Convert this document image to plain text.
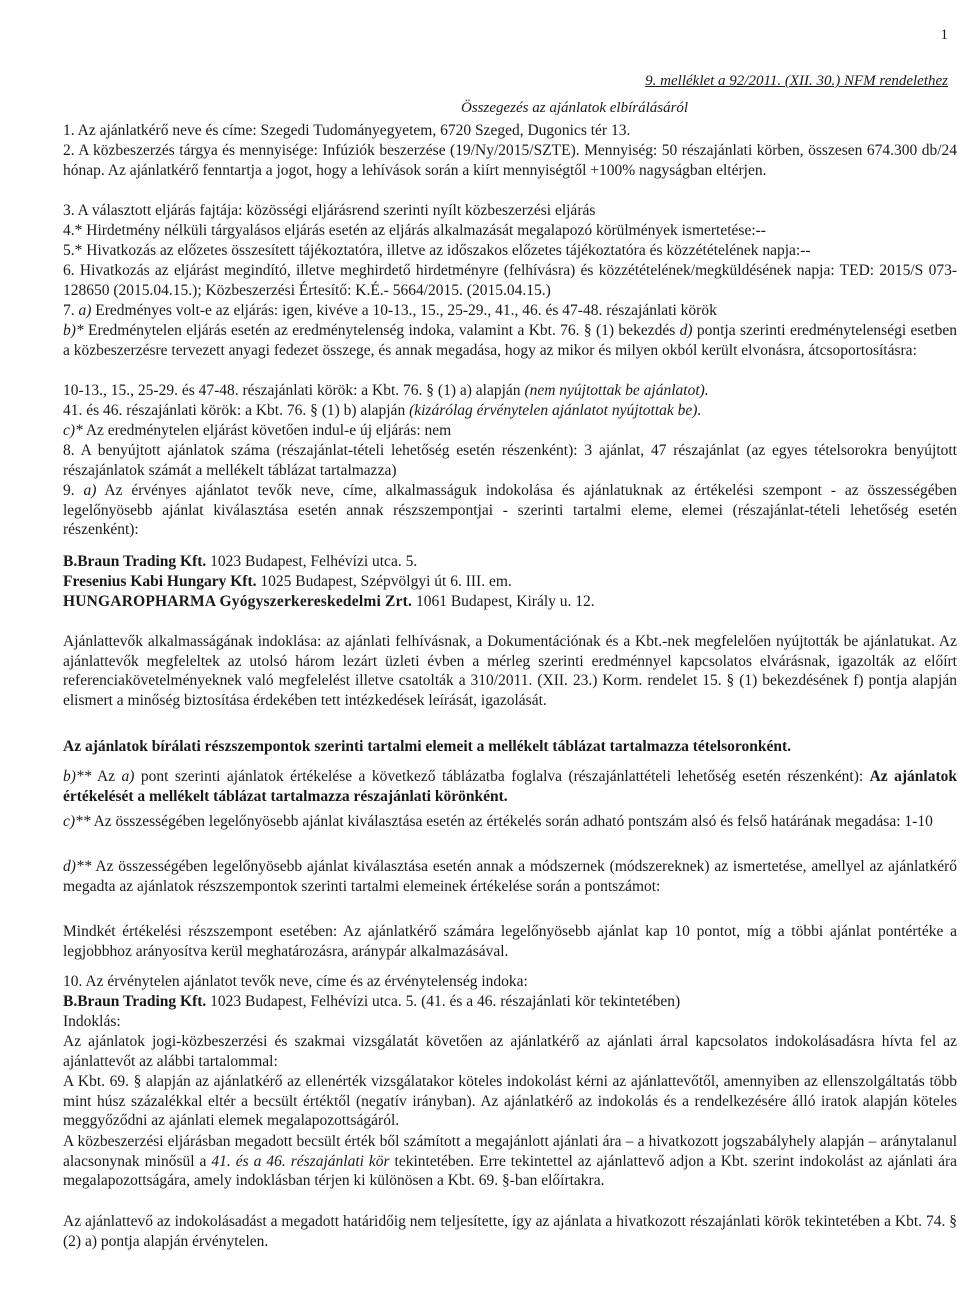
1
9. melléklet a 92/2011. (XII. 30.) NFM rendelethez
Összegezés az ajánlatok elbírálásáról

1. Az ajánlatkérő neve és címe: Szegedi Tudományegyetem, 6720 Szeged, Dugonics tér 13.

2. A közbeszerzés tárgya és mennyisége: Infúziók beszerzése (19/Ny/2015/SZTE). Mennyiség: 50 részajánlati körben, összesen 674.300 db/24 hónap. Az ajánlatkérő fenntartja a jogot, hogy a lehívások során a kiírt mennyiségtől +100% nagyságban eltérjen.

3. A választott eljárás fajtája: közösségi eljárásrend szerinti nyílt közbeszerzési eljárás

4.* Hirdetmény nélküli tárgyalásos eljárás esetén az eljárás alkalmazását megalapozó körülmények ismertetése:--

5.* Hivatkozás az előzetes összesített tájékoztatóra, illetve az időszakos előzetes tájékoztatóra és közzétételének napja:--

6. Hivatkozás az eljárást megindító, illetve meghirdető hirdetményre (felhívásra) és közzétételének/megküldésének napja: TED: 2015/S 073-128650 (2015.04.15.); Közbeszerzési Értesítő: K.É.- 5664/2015. (2015.04.15.)

7. a) Eredményes volt-e az eljárás: igen, kivéve a 10-13., 15., 25-29., 41., 46. és 47-48. részajánlati körök

b)* Eredménytelen eljárás esetén az eredménytelenség indoka, valamint a Kbt. 76. § (1) bekezdés d) pontja szerinti eredménytelenségi esetben a közbeszerzésre tervezett anyagi fedezet összege, és annak megadása, hogy az mikor és milyen okból került elvonásra, átcsoportosításra:

10-13., 15., 25-29. és 47-48. részajánlati körök: a Kbt. 76. § (1) a) alapján (nem nyújtottak be ajánlatot).

41. és 46. részajánlati körök: a Kbt. 76. § (1) b) alapján (kizárólag érvénytelen ajánlatot nyújtottak be).

c)* Az eredménytelen eljárást követően indul-e új eljárás: nem

8. A benyújtott ajánlatok száma (részajánlat-tételi lehetőség esetén részenként): 3 ajánlat, 47 részajánlat (az egyes tételsorokra benyújtott részajánlatok számát a mellékelt táblázat tartalmazza)

9. a) Az érvényes ajánlatot tevők neve, címe, alkalmasságuk indokolása és ajánlatuknak az értékelési szempont - az összességében legelőnyösebb ajánlat kiválasztása esetén annak részszempontjai - szerinti tartalmi eleme, elemei (részajánlat-tételi lehetőség esetén részenként):

B.Braun Trading Kft. 1023 Budapest, Felhévízi utca. 5.

Fresenius Kabi Hungary Kft. 1025 Budapest, Szépvölgyi út 6. III. em.

HUNGAROPHARMA Gyógyszerkereskedelmi Zrt. 1061 Budapest, Király u. 12.

Ajánlattevők alkalmasságának indoklása: az ajánlati felhívásnak, a Dokumentációnak és a Kbt.-nek megfelelően nyújtották be ajánlatukat. Az ajánlattevők megfeleltek az utolsó három lezárt üzleti évben a mérleg szerinti eredménnyel kapcsolatos elvárásnak, igazolták az előírt referenciakövetelményeknek való megfelelést illetve csatolták a 310/2011. (XII. 23.) Korm. rendelet 15. § (1) bekezdésének f) pontja alapján elismert a minőség biztosítása érdekében tett intézkedések leírását, igazolását.

Az ajánlatok bírálati részszempontok szerinti tartalmi elemeit a mellékelt táblázat tartalmazza tételsoronként.

b)** Az a) pont szerinti ajánlatok értékelése a következő táblázatba foglalva (részajánlattételi lehetőség esetén részenként): Az ajánlatok értékelését a mellékelt táblázat tartalmazza részajánlati körönként.

c)** Az összességében legelőnyösebb ajánlat kiválasztása esetén az értékelés során adható pontszám alsó és felső határának megadása: 1-10

d)** Az összességében legelőnyösebb ajánlat kiválasztása esetén annak a módszernek (módszereknek) az ismertetése, amellyel az ajánlatkérő megadta az ajánlatok részszempontok szerinti tartalmi elemeinek értékelése során a pontszámot:

Mindkét értékelési részszempont esetében: Az ajánlatkérő számára legelőnyösebb ajánlat kap 10 pontot, míg a többi ajánlat pontértéke a legjobbhoz arányosítva kerül meghatározásra, aránypár alkalmazásával.

10. Az érvénytelen ajánlatot tevők neve, címe és az érvénytelenség indoka:

B.Braun Trading Kft. 1023 Budapest, Felhévízi utca. 5. (41. és a 46. részajánlati kör tekintetében)

Indoklás:

Az ajánlatok jogi-közbeszerzési és szakmai vizsgálatát követően az ajánlatkérő az ajánlati árral kapcsolatos indokolásadásra hívta fel az ajánlattevőt az alábbi tartalommal:

A Kbt. 69. § alapján az ajánlatkérő az ellenérték vizsgálatakor köteles indokolást kérni az ajánlattevőtől, amennyiben az ellenszolgáltatás több mint húsz százalékkal eltér a becsült értéktől (negatív irányban). Az ajánlatkérő az indokolás és a rendelkezésére álló iratok alapján köteles meggyőződni az ajánlati elemek megalapozottságáról.

A közbeszerzési eljárásban megadott becsült érték ből számított a megajánlott ajánlati ára – a hivatkozott jogszabályhely alapján – aránytalanul alacsonynak minősül a 41. és a 46. részajánlati kör tekintetében. Erre tekintettel az ajánlattevő adjon a Kbt. szerint indokolást az ajánlati ára megalapozottságára, amely indoklásban térjen ki különösen a Kbt. 69. §-ban előírtakra.

Az ajánlattevő az indokolásadást a megadott határidőig nem teljesítette, így az ajánlata a hivatkozott részajánlati körök tekintetében a Kbt. 74. § (2) a) pontja alapján érvénytelen.
